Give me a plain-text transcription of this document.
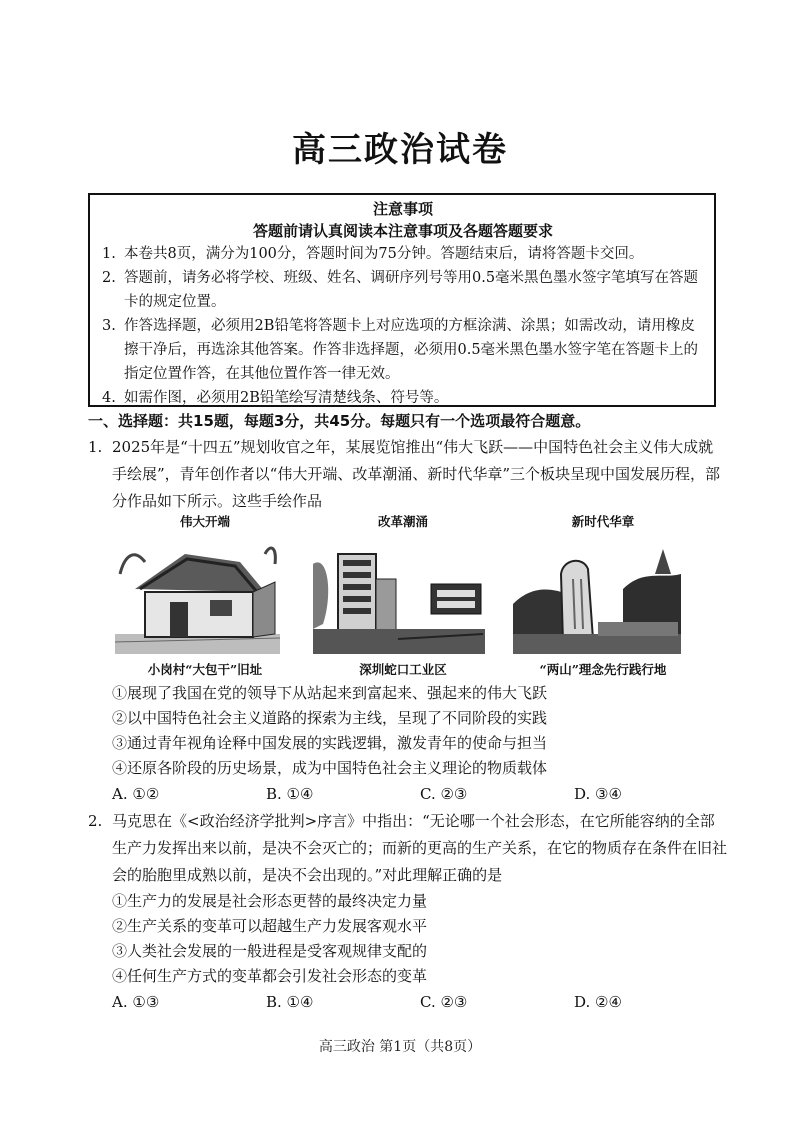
高三政治试卷
注意事项
答题前请认真阅读本注意事项及各题答题要求
1. 本卷共8页，满分为100分，答题时间为75分钟。答题结束后，请将答题卡交回。
2. 答题前，请务必将学校、班级、姓名、调研序列号等用0.5毫米黑色墨水签字笔填写在答题卡的规定位置。
3. 作答选择题，必须用2B铅笔将答题卡上对应选项的方框涂满、涂黑；如需改动，请用橡皮擦干净后，再选涂其他答案。作答非选择题，必须用0.5毫米黑色墨水签字笔在答题卡上的指定位置作答，在其他位置作答一律无效。
4. 如需作图，必须用2B铅笔绘写清楚线条、符号等。
一、选择题：共15题，每题3分，共45分。每题只有一个选项最符合题意。
1. 2025年是“十四五”规划收官之年，某展览馆推出“伟大飞跃——中国特色社会主义伟大成就手绘展”，青年创作者以“伟大开端、改革潮涌、新时代华章”三个板块呈现中国发展历程，部分作品如下所示。这些手绘作品
伟大开端
小岗村“大包干”旧址
改革潮涌
深圳蛇口工业区
新时代华章
“两山”理念先行践行地
①展现了我国在党的领导下从站起来到富起来、强起来的伟大飞跃
②以中国特色社会主义道路的探索为主线，呈现了不同阶段的实践
③通过青年视角诠释中国发展的实践逻辑，激发青年的使命与担当
④还原各阶段的历史场景，成为中国特色社会主义理论的物质载体
A. ①②	B. ①④	C. ②③	D. ③④
2. 马克思在《<政治经济学批判>序言》中指出：“无论哪一个社会形态，在它所能容纳的全部生产力发挥出来以前，是决不会灭亡的；而新的更高的生产关系，在它的物质存在条件在旧社会的胎胞里成熟以前，是决不会出现的。”对此理解正确的是
①生产力的发展是社会形态更替的最终决定力量
②生产关系的变革可以超越生产力发展客观水平
③人类社会发展的一般进程是受客观规律支配的
④任何生产方式的变革都会引发社会形态的变革
A. ①③	B. ①④	C. ②③	D. ②④
高三政治 第1页（共8页）
